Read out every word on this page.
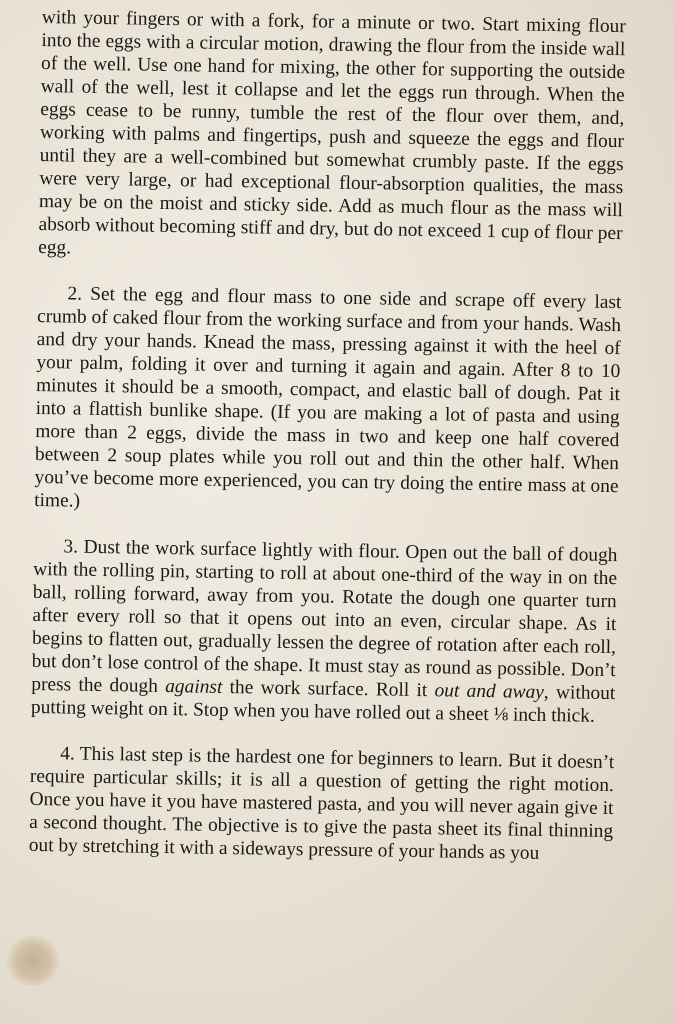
with your fingers or with a fork, for a minute or two. Start mixing flour into the eggs with a circular motion, drawing the flour from the inside wall of the well. Use one hand for mixing, the other for supporting the outside wall of the well, lest it collapse and let the eggs run through. When the eggs cease to be runny, tumble the rest of the flour over them, and, working with palms and fingertips, push and squeeze the eggs and flour until they are a well-combined but somewhat crumbly paste. If the eggs were very large, or had exceptional flour-absorption qualities, the mass may be on the moist and sticky side. Add as much flour as the mass will absorb without becoming stiff and dry, but do not exceed 1 cup of flour per egg.

2. Set the egg and flour mass to one side and scrape off every last crumb of caked flour from the working surface and from your hands. Wash and dry your hands. Knead the mass, pressing against it with the heel of your palm, folding it over and turning it again and again. After 8 to 10 minutes it should be a smooth, compact, and elastic ball of dough. Pat it into a flattish bunlike shape. (If you are making a lot of pasta and using more than 2 eggs, divide the mass in two and keep one half covered between 2 soup plates while you roll out and thin the other half. When you’ve become more experienced, you can try doing the entire mass at one time.)

3. Dust the work surface lightly with flour. Open out the ball of dough with the rolling pin, starting to roll at about one-third of the way in on the ball, rolling forward, away from you. Rotate the dough one quarter turn after every roll so that it opens out into an even, circular shape. As it begins to flatten out, gradually lessen the degree of rotation after each roll, but don’t lose control of the shape. It must stay as round as possible. Don’t press the dough against the work surface. Roll it out and away, without putting weight on it. Stop when you have rolled out a sheet ⅛ inch thick.

4. This last step is the hardest one for beginners to learn. But it doesn’t require particular skills; it is all a question of getting the right motion. Once you have it you have mastered pasta, and you will never again give it a second thought. The objective is to give the pasta sheet its final thinning out by stretching it with a sideways pressure of your hands as you
